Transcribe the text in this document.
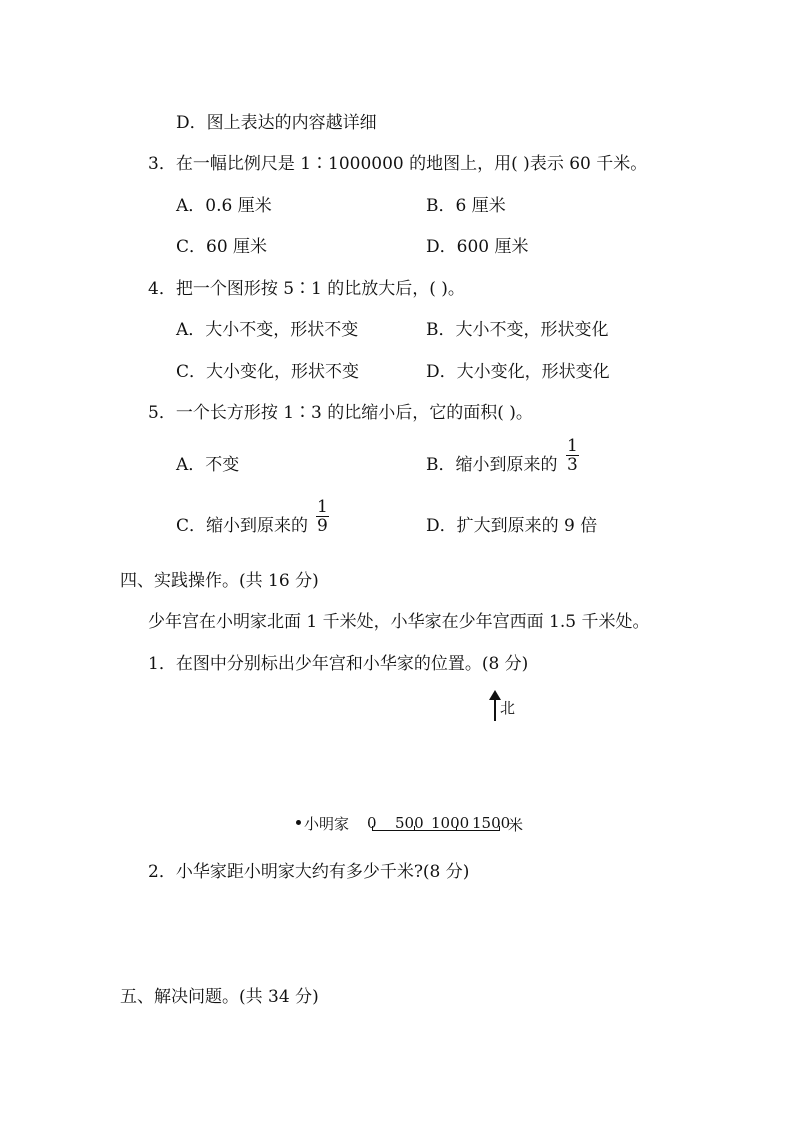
D．图上表达的内容越详细
3．在一幅比例尺是 1∶1000000 的地图上，用( )表示 60 千米。
A．0.6 厘米	B．6 厘米
C．60 厘米	D．600 厘米
4．把一个图形按 5∶1 的比放大后，( )。
A．大小不变，形状不变	B．大小不变，形状变化
C．大小变化，形状不变	D．大小变化，形状变化
5．一个长方形按 1∶3 的比缩小后，它的面积( )。
A．不变	B．缩小到原来的 $\frac{1}{3}$
C．缩小到原来的 $\frac{1}{9}$	D．扩大到原来的 9 倍
四、实践操作。(共 16 分)
少年宫在小明家北面 1 千米处，小华家在少年宫西面 1.5 千米处。
1．在图中分别标出少年宫和小华家的位置。(8 分)
北
小明家 0 500 1000 1500
米
2．小华家距小明家大约有多少千米?(8 分)
五、解决问题。(共 34 分)
